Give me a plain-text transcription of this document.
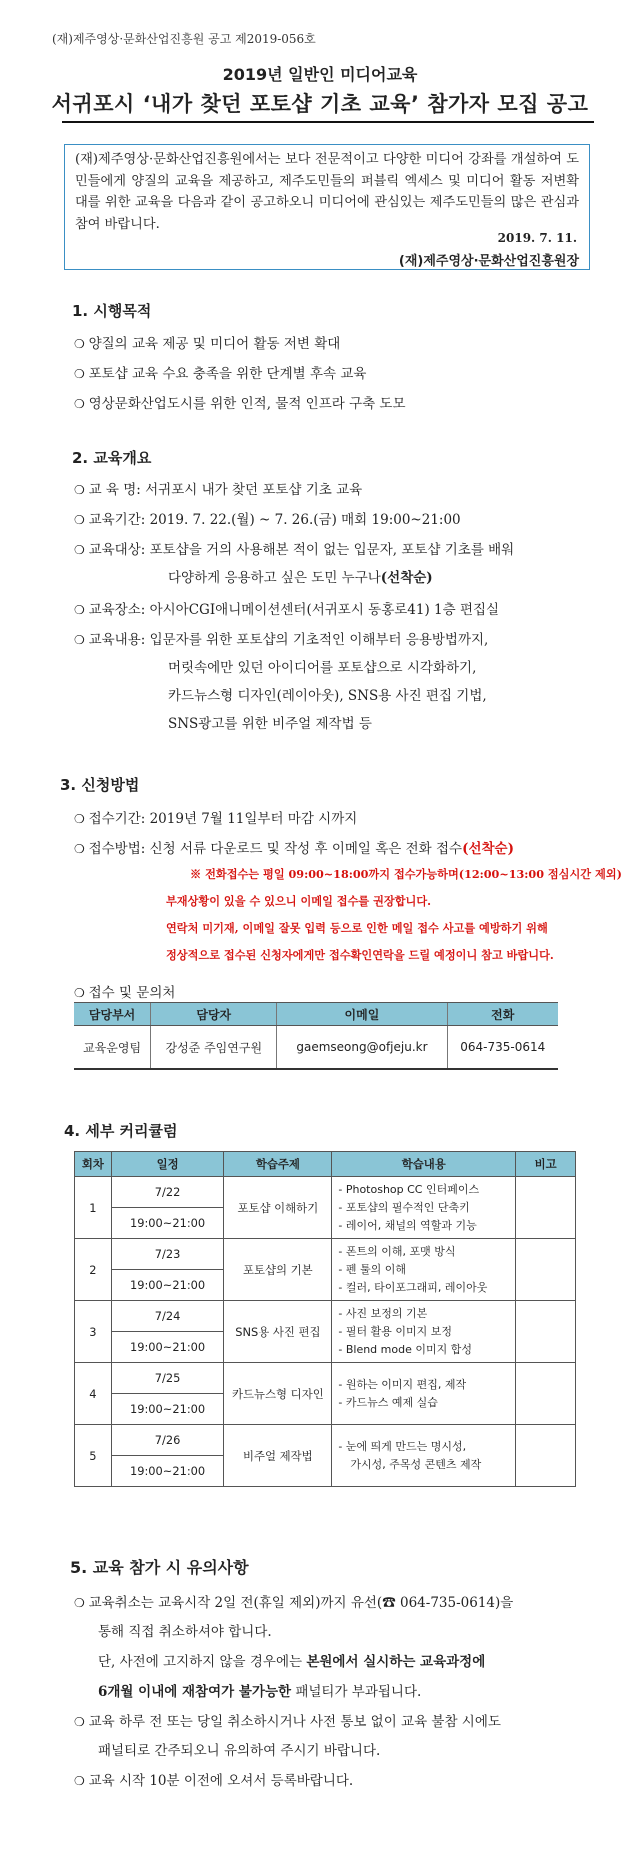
(재)제주영상·문화산업진흥원 공고 제2019-056호
2019년 일반인 미디어교육
서귀포시 ‘내가 찾던 포토샵 기초 교육’ 참가자 모집 공고
(재)제주영상·문화산업진흥원에서는 보다 전문적이고 다양한 미디어 강좌를 개설하여 도민들에게 양질의 교육을 제공하고, 제주도민들의 퍼블릭 엑세스 및 미디어 활동 저변확대를 위한 교육을 다음과 같이 공고하오니 미디어에 관심있는 제주도민들의 많은 관심과 참여 바랍니다.
2019. 7. 11.
(재)제주영상·문화산업진흥원장
1. 시행목적
❍ 양질의 교육 제공 및 미디어 활동 저변 확대
❍ 포토샵 교육 수요 충족을 위한 단계별 후속 교육
❍ 영상문화산업도시를 위한 인적, 물적 인프라 구축 도모
2. 교육개요
❍ 교 육 명: 서귀포시 내가 찾던 포토샵 기초 교육
❍ 교육기간: 2019. 7. 22.(월) ~ 7. 26.(금) 매회 19:00~21:00
❍ 교육대상: 포토샵을 거의 사용해본 적이 없는 입문자, 포토샵 기초를 배워
다양하게 응용하고 싶은 도민 누구나(선착순)
❍ 교육장소: 아시아CGI애니메이션센터(서귀포시 동홍로41) 1층 편집실
❍ 교육내용: 입문자를 위한 포토샵의 기초적인 이해부터 응용방법까지,
머릿속에만 있던 아이디어를 포토샵으로 시각화하기,
카드뉴스형 디자인(레이아웃), SNS용 사진 편집 기법,
SNS광고를 위한 비주얼 제작법 등
3. 신청방법
❍ 접수기간: 2019년 7월 11일부터 마감 시까지
❍ 접수방법: 신청 서류 다운로드 및 작성 후 이메일 혹은 전화 접수(선착순)
※ 전화접수는 평일 09:00~18:00까지 접수가능하며(12:00~13:00 점심시간 제외)
부재상황이 있을 수 있으니 이메일 접수를 권장합니다.
연락처 미기재, 이메일 잘못 입력 등으로 인한 메일 접수 사고를 예방하기 위해
정상적으로 접수된 신청자에게만 접수확인연락을 드릴 예정이니 참고 바랍니다.
❍ 접수 및 문의처
담당부서	담당자	이메일	전화
교육운영팀	강성준 주임연구원	gaemseong@ofjeju.kr	064-735-0614
4. 세부 커리큘럼
회차	일정	학습주제	학습내용	비고
1	7/22	포토샵 이해하기	- Photoshop CC 인터페이스
- 포토샵의 필수적인 단축키
- 레이어, 채널의 역할과 기능	

	19:00~21:00			
2	7/23	포토샵의 기본	- 폰트의 이해, 포맷 방식
- 펜 툴의 이해
- 컬러, 타이포그래피, 레이아웃	

	19:00~21:00			
3	7/24	SNS용 사진 편집	- 사진 보정의 기본
- 필터 활용 이미지 보정
- Blend mode 이미지 합성	

	19:00~21:00			
4	7/25	카드뉴스형 디자인	- 원하는 이미지 편집, 제작
- 카드뉴스 예제 실습	

	19:00~21:00			
5	7/26	비주얼 제작법	- 눈에 띄게 만드는 명시성,
가시성, 주목성 콘텐츠 제작	

	19:00~21:00			
5. 교육 참가 시 유의사항
❍ 교육취소는 교육시작 2일 전(휴일 제외)까지 유선(☎ 064-735-0614)을
통해 직접 취소하셔야 합니다.
단, 사전에 고지하지 않을 경우에는 본원에서 실시하는 교육과정에
6개월 이내에 재참여가 불가능한 패널티가 부과됩니다.
❍ 교육 하루 전 또는 당일 취소하시거나 사전 통보 없이 교육 불참 시에도
패널티로 간주되오니 유의하여 주시기 바랍니다.
❍ 교육 시작 10분 이전에 오셔서 등록바랍니다.
